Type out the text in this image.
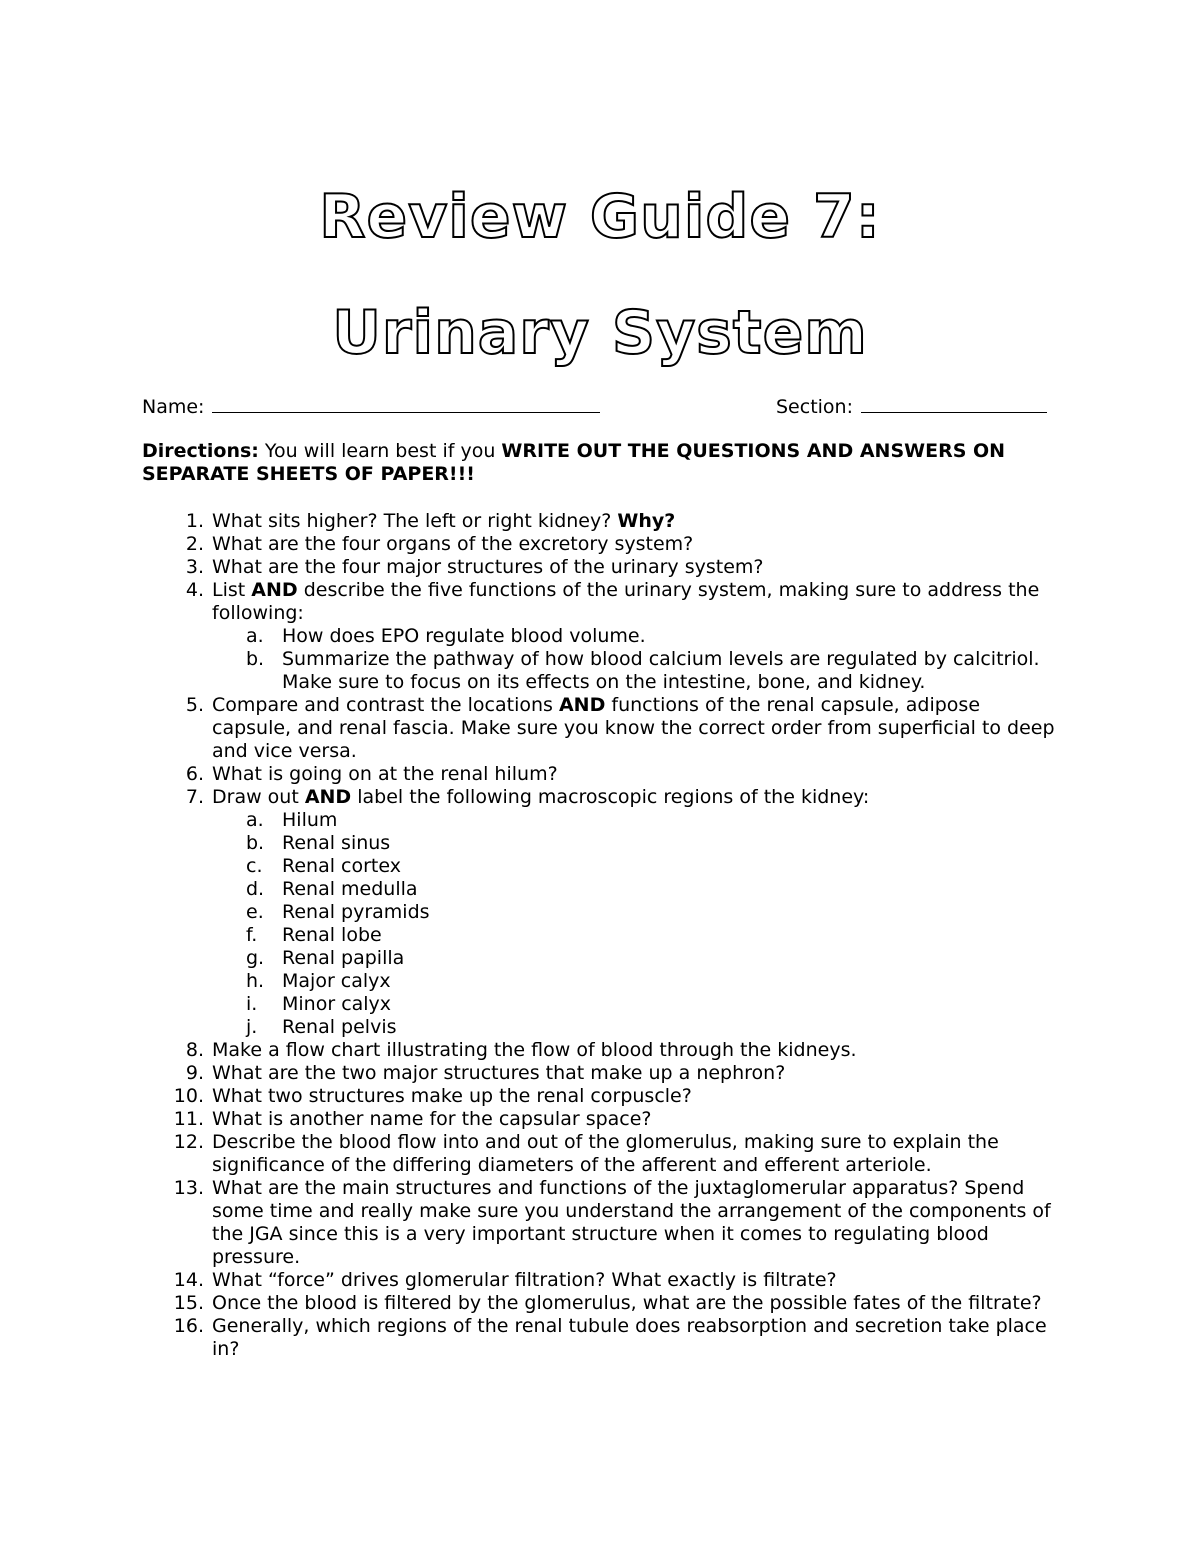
Review Guide 7:
Urinary System
Name:	Section:
Directions: You will learn best if you WRITE OUT THE QUESTIONS AND ANSWERS ON SEPARATE SHEETS OF PAPER!!!
1. What sits higher? The left or right kidney? Why?
2. What are the four organs of the excretory system?
3. What are the four major structures of the urinary system?
4. List AND describe the five functions of the urinary system, making sure to address the following:
a. How does EPO regulate blood volume.
b. Summarize the pathway of how blood calcium levels are regulated by calcitriol. Make sure to focus on its effects on the intestine, bone, and kidney.
5. Compare and contrast the locations AND functions of the renal capsule, adipose capsule, and renal fascia. Make sure you know the correct order from superficial to deep and vice versa.
6. What is going on at the renal hilum?
7. Draw out AND label the following macroscopic regions of the kidney:
a. Hilum
b. Renal sinus
c.	Renal cortex
d. Renal medulla
e. Renal pyramids
f.	Renal lobe
g. Renal papilla
h. Major calyx
i.	Minor calyx
j.	Renal pelvis
8. Make a flow chart illustrating the flow of blood through the kidneys.
9. What are the two major structures that make up a nephron?
10. What two structures make up the renal corpuscle?
11. What is another name for the capsular space?
12. Describe the blood flow into and out of the glomerulus, making sure to explain the significance of the differing diameters of the afferent and efferent arteriole.
13. What are the main structures and functions of the juxtaglomerular apparatus? Spend some time and really make sure you understand the arrangement of the components of the JGA since this is a very important structure when it comes to regulating blood pressure.
14. What “force” drives glomerular filtration? What exactly is filtrate?
15. Once the blood is filtered by the glomerulus, what are the possible fates of the filtrate?
16. Generally, which regions of the renal tubule does reabsorption and secretion take place in?
